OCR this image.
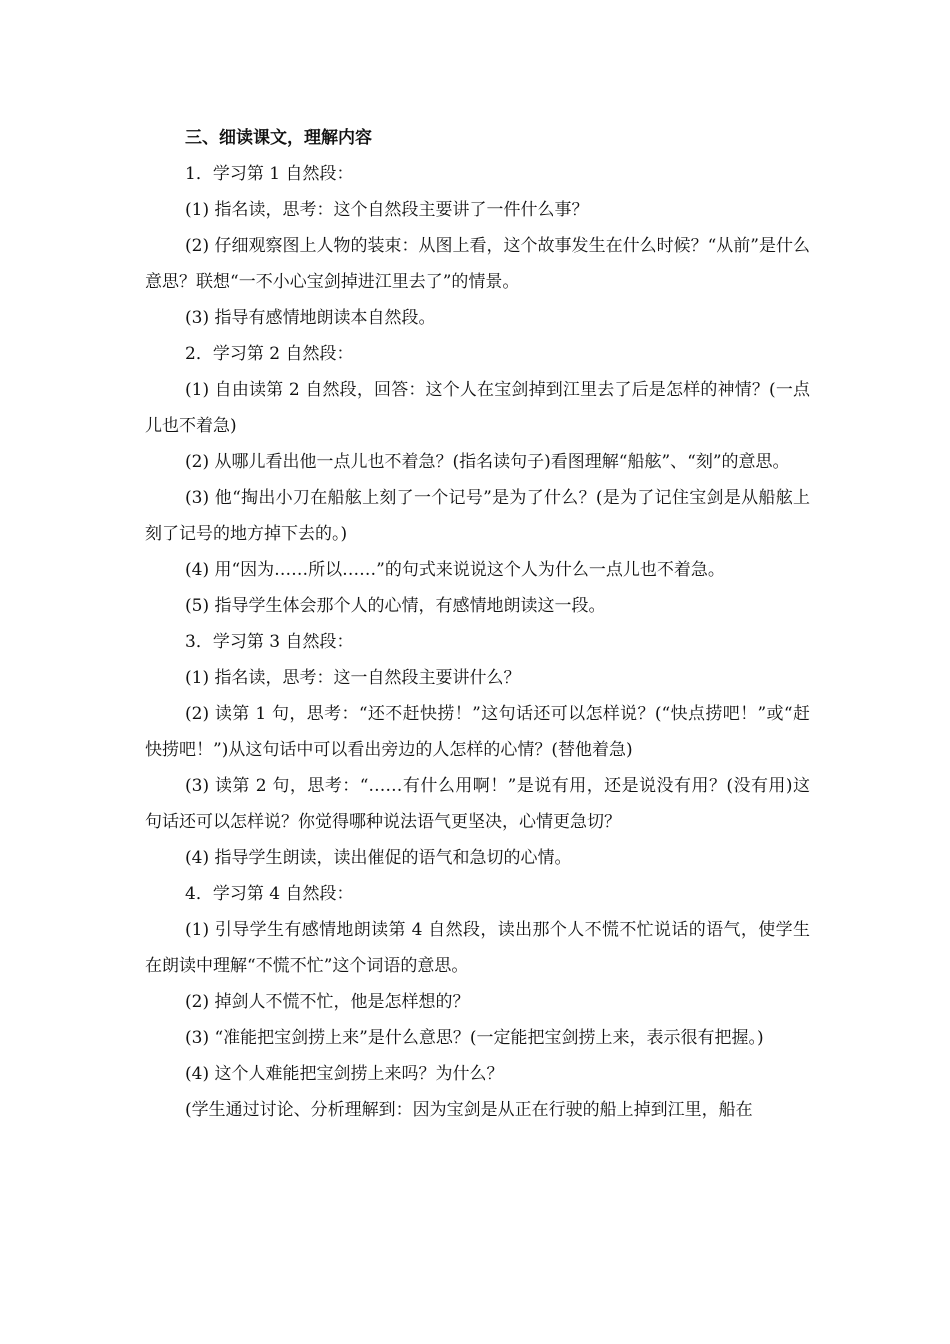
三、细读课文，理解内容

1．学习第 1 自然段：

(1) 指名读，思考：这个自然段主要讲了一件什么事？

(2) 仔细观察图上人物的装束：从图上看，这个故事发生在什么时候？“从前”是什么意思？联想“一不小心宝剑掉进江里去了”的情景。

(3) 指导有感情地朗读本自然段。

2．学习第 2 自然段：

(1) 自由读第 2 自然段，回答：这个人在宝剑掉到江里去了后是怎样的神情？(一点儿也不着急)

(2) 从哪儿看出他一点儿也不着急？(指名读句子)看图理解“船舷”、“刻”的意思。

(3) 他“掏出小刀在船舷上刻了一个记号”是为了什么？(是为了记住宝剑是从船舷上刻了记号的地方掉下去的。)

(4) 用“因为……所以……”的句式来说说这个人为什么一点儿也不着急。

(5) 指导学生体会那个人的心情，有感情地朗读这一段。

3．学习第 3 自然段：

(1) 指名读，思考：这一自然段主要讲什么？

(2) 读第 1 句，思考：“还不赶快捞！”这句话还可以怎样说？(“快点捞吧！”或“赶快捞吧！”)从这句话中可以看出旁边的人怎样的心情？(替他着急)

(3) 读第 2 句，思考：“……有什么用啊！”是说有用，还是说没有用？(没有用)这句话还可以怎样说？你觉得哪种说法语气更坚决，心情更急切？

(4) 指导学生朗读，读出催促的语气和急切的心情。

4．学习第 4 自然段：

(1) 引导学生有感情地朗读第 4 自然段，读出那个人不慌不忙说话的语气，使学生在朗读中理解“不慌不忙”这个词语的意思。

(2) 掉剑人不慌不忙，他是怎样想的？

(3) “准能把宝剑捞上来”是什么意思？(一定能把宝剑捞上来，表示很有把握。)

(4) 这个人难能把宝剑捞上来吗？为什么？

(学生通过讨论、分析理解到：因为宝剑是从正在行驶的船上掉到江里，船在
